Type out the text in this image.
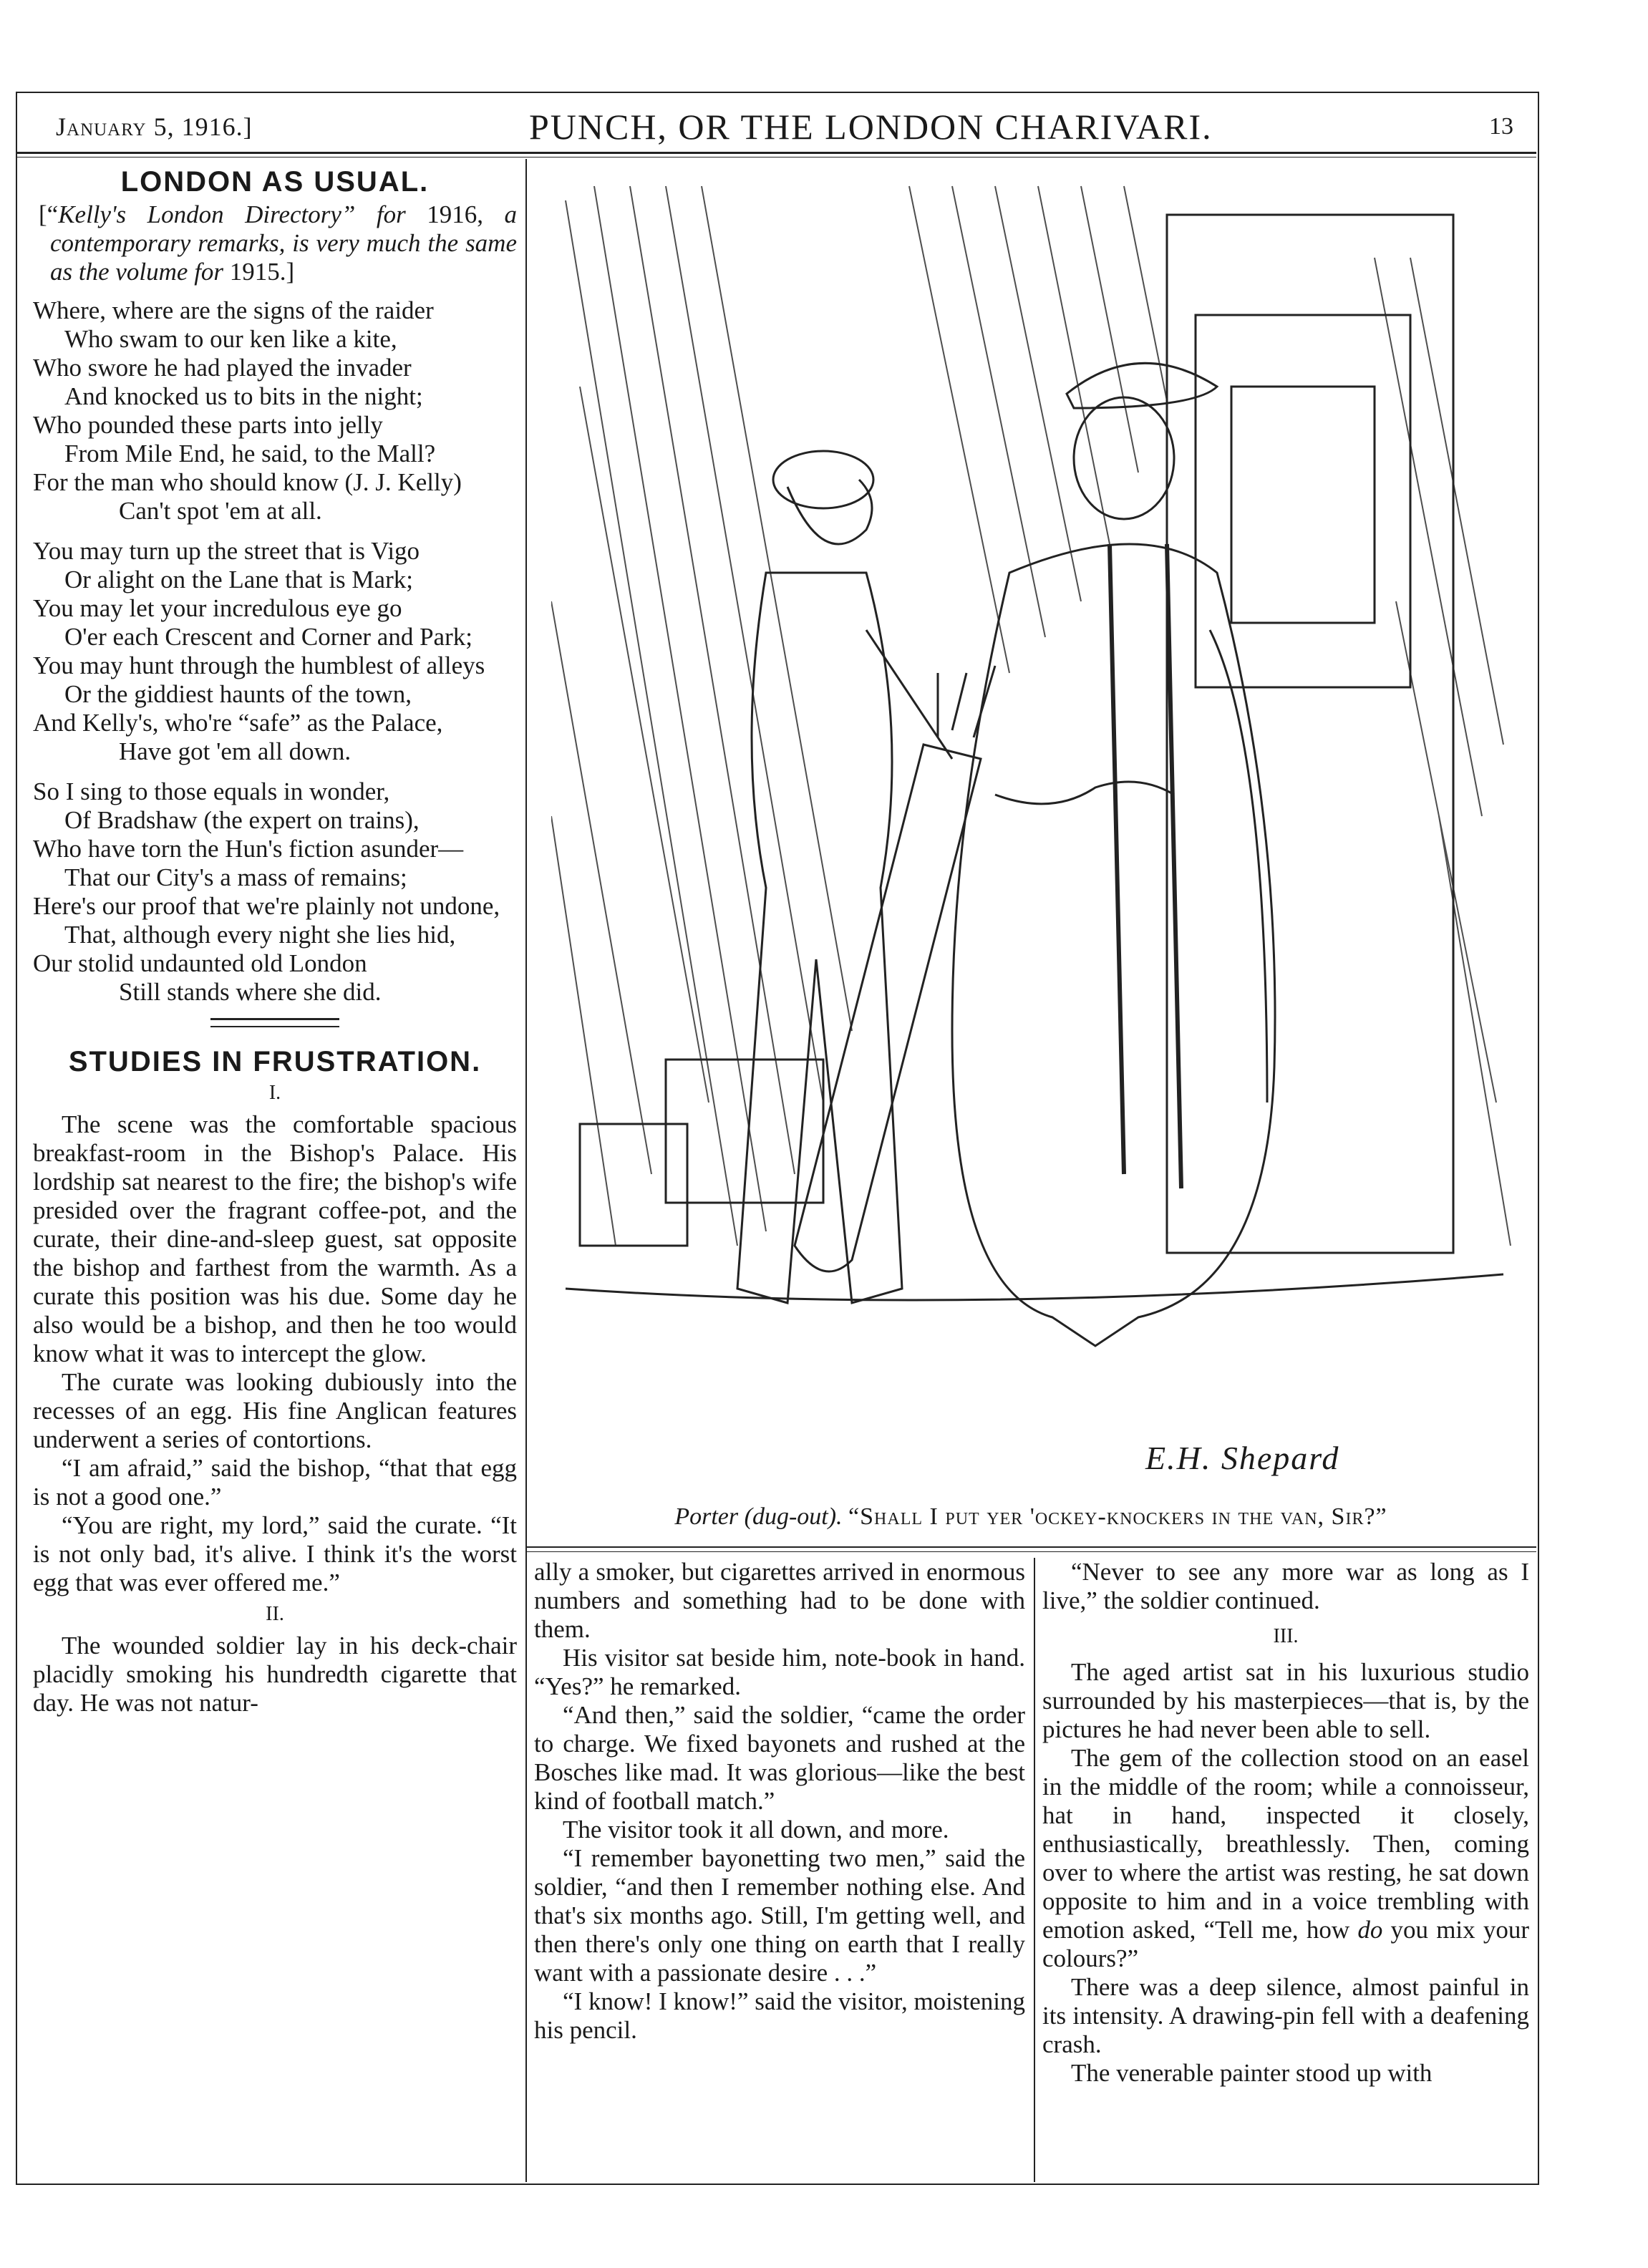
January 5, 1916.]	PUNCH, OR THE LONDON CHARIVARI.	13
LONDON AS USUAL.
[“Kelly's London Directory” for 1916, a contemporary remarks, is very much the same as the volume for 1915.]
Where, where are the signs of the raider
Who swam to our ken like a kite,
Who swore he had played the invader
And knocked us to bits in the night;
Who pounded these parts into jelly
From Mile End, he said, to the Mall?
For the man who should know (J. J. Kelly)
Can't spot 'em at all.
You may turn up the street that is Vigo
Or alight on the Lane that is Mark;
You may let your incredulous eye go
O'er each Crescent and Corner and Park;
You may hunt through the humblest of alleys
Or the giddiest haunts of the town,
And Kelly's, who're “safe” as the Palace,
Have got 'em all down.
So I sing to those equals in wonder,
Of Bradshaw (the expert on trains),
Who have torn the Hun's fiction asunder—
That our City's a mass of remains;
Here's our proof that we're plainly not undone,
That, although every night she lies hid,
Our stolid undaunted old London
Still stands where she did.
STUDIES IN FRUSTRATION.
I.

The scene was the comfortable spacious breakfast-room in the Bishop's Palace. His lordship sat nearest to the fire; the bishop's wife presided over the fragrant coffee-pot, and the curate, their dine-and-sleep guest, sat opposite the bishop and farthest from the warmth. As a curate this position was his due. Some day he also would be a bishop, and then he too would know what it was to intercept the glow.

The curate was looking dubiously into the recesses of an egg. His fine Anglican features underwent a series of contortions.

“I am afraid,” said the bishop, “that that egg is not a good one.”

“You are right, my lord,” said the curate. “It is not only bad, it's alive. I think it's the worst egg that was ever offered me.”

II.

The wounded soldier lay in his deck-chair placidly smoking his hundredth cigarette that day. He was not natur-

E.H. Shepard
Porter (dug-out). “Shall I put yer 'ockey-knockers in the van, Sir?”

ally a smoker, but cigarettes arrived in enormous numbers and something had to be done with them.

His visitor sat beside him, note-book in hand. “Yes?” he remarked.

“And then,” said the soldier, “came the order to charge. We fixed bayonets and rushed at the Bosches like mad. It was glorious—like the best kind of football match.”

The visitor took it all down, and more.

“I remember bayonetting two men,” said the soldier, “and then I remember nothing else. And that's six months ago. Still, I'm getting well, and then there's only one thing on earth that I really want with a passionate desire . . .”

“I know! I know!” said the visitor, moistening his pencil.

“Never to see any more war as long as I live,” the soldier continued.

III.

The aged artist sat in his luxurious studio surrounded by his masterpieces—that is, by the pictures he had never been able to sell.

The gem of the collection stood on an easel in the middle of the room; while a connoisseur, hat in hand, inspected it closely, enthusiastically, breathlessly. Then, coming over to where the artist was resting, he sat down opposite to him and in a voice trembling with emotion asked, “Tell me, how do you mix your colours?”

There was a deep silence, almost painful in its intensity. A drawing-pin fell with a deafening crash.

The venerable painter stood up with
